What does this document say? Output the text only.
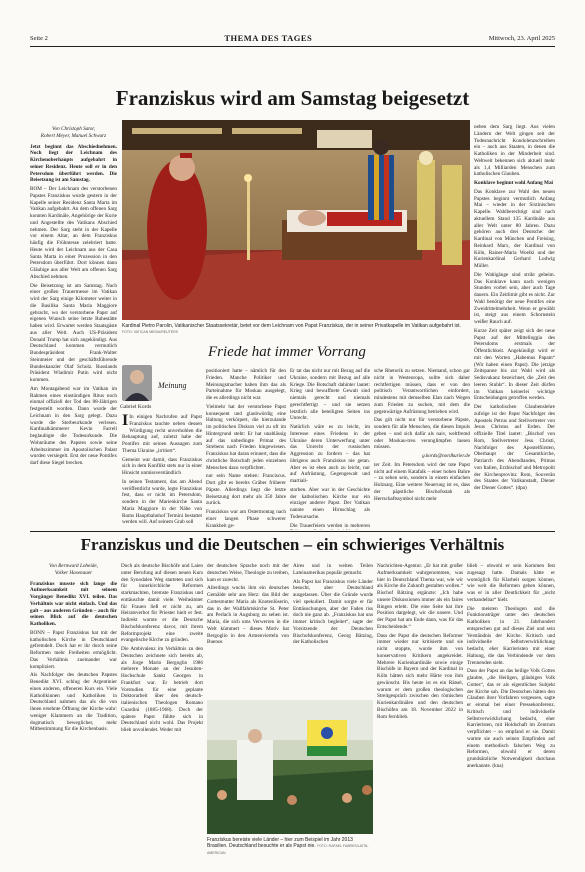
Seite 2	THEMA DES TAGES	Mittwoch, 23. April 2025
Franziskus wird am Samstag beigesetzt
Von Christoph Sator,
Robert Meyer, Manuel Schwarz

Jetzt beginnt das Abschiednehmen. Noch liegt der Leichnam des Kirchenoberhaupts aufgebahrt in seiner Residenz. Heute soll er in den Petersdom überführt werden. Die Beisetzung ist am Samstag.

ROM – Der Leichnam des verstorbenen Papstes Franziskus wurde gestern in der Kapelle seiner Residenz Santa Marta im Vatikan aufgebahrt. An dem offenen Sarg konnten Kardinäle, Angehörige der Kurie und Angestellte des Vatikans Abschied nehmen. Der Sarg steht in der Kapelle vor einem Altar, an dem Franziskus häufig die Frühmesse zelebriert hatte. Heute wird der Leichnam aus der Casa Santa Marta in einer Prozession in den Petersdom überführt. Dort können dann Gläubige aus aller Welt am offenen Sarg Abschied nehmen.

Die Beisetzung ist am Samstag. Nach einer großen Trauermesse im Vatikan wird der Sarg einige Kilometer weiter in die Basilika Santa Maria Maggiore gebracht, wo der verstorbene Papst auf eigenen Wunsch seine letzte Ruhestätte haben wird. Erwartet werden Staatsgäste aus aller Welt. Auch US-Präsident Donald Trump hat sich angekündigt. Aus Deutschland kommen vermutlich Bundespräsident Frank-Walter Steinmeier und der geschäftsführende Bundeskanzler Olaf Scholz. Russlands Präsident Wladimir Putin wird nicht kommen.

Am Montagabend war im Vatikan im Rahmen eines einstündigen Ritus noch einmal offiziell der Tod des 88-Jährigen festgestellt worden. Dann wurde der Leichnam in den Sarg gelegt. Dazu wurde die Sterbeurkunde verlesen. Kardinalkämmerer Kevin Farrell beglaubigte die Todesurkunde. Die Wohnräume des Papstes sowie seine Arbeitszimmer im Apostolischen Palast wurden versiegelt. Erst der neue Pontifex darf diese Siegel brechen.

Kardinal Pietro Parolin, Vatikanischer Staatssekretär, betet vor dem Leichnam von Papst Franziskus, der in seiner Privatkapelle im Vatikan aufgebahrt ist. FOTO: VATICAN MEDIA/REUTERS

neben dem Sarg liegt. Aus vielen Ländern der Welt gingen seit der Todesnachricht Kondolenzschreiben ein – auch aus Staaten, in denen die Katholiken in der Minderheit sind. Weltweit bekennen sich aktuell mehr als 1,4 Milliarden Menschen zum katholischen Glauben.

Konklave beginnt wohl Anfang Mai

Das Konklave zur Wahl des neuen Papstes beginnt vermutlich Anfang Mai – wieder in der Sixtinischen Kapelle. Wahlberechtigt sind nach aktuellem Stand 135 Kardinäle aus aller Welt unter 80 Jahren. Dazu gehören auch drei Deutsche: der Kardinal von München und Freising, Reinhard Marx, der Kardinal von Köln, Rainer-Maria Woelki und der Kurienkardinal Gerhard Ludwig Müller.

Die Wahlgänge sind strikt geheim. Das Konklave kann nach wenigen Stunden vorbei sein, aber auch Tage dauern. Ein Zeitlimit gibt es nicht. Zur Wahl benötigt der neue Pontifex eine Zweidrittelmehrheit. Wenn er gewählt ist, steigt aus einem Schornstein weißer Rauch auf.

Kurze Zeit später zeigt sich der neue Papst auf der Mittelloggia des Petersdoms erstmals der Öffentlichkeit. Angekündigt wird er mit den Worten „Habemus Papam“ (Wir haben einen Papst). Die jetzige Zeitspanne bis zur Wahl wird als Sedisvakanz bezeichnet, die „Zeit des leeren Stuhls“. In dieser Zeit dürfen im Vatikan keinerlei wichtige Entscheidungen getroffen werden.

Der katholischen Glaubenslehre zufolge ist der Papst Nachfolger des Apostels Petrus und Stellvertreter von Jesus Christus auf Erden. Der offizielle Titel lautet: „Bischof von Rom, Stellvertreter Jesu Christi, Nachfolger des Apostelfürsten, Oberhaupt der Gesamtkirche, Patriarch des Abendlandes, Primas von Italien, Erzbischof und Metropolit der Kirchenprovinz Rom, Souverän des Staates der Vatikanstadt, Diener der Diener Gottes“. (dpa)

Friede hat immer Vorrang
Meinung
Gabriel Kords

I In einigen Nachrufen auf Papst Franziskus tauchte neben dessen Würdigung recht unverhohlen die Behauptung auf, zuletzt habe der Pontifex mit seinen Aussagen zum Thema Ukraine „irritiert“.

Gemeint war damit, dass Franziskus sich in dem Konflikt stets nur in einer Hinsicht unmissverständlich

In seinen Testament, das am Abend veröffentlicht wurde, legte Franziskus fest, dass er nicht im Petersdom, sondern in der Marienkirche Santa Maria Maggiore in der Nähe von Roms Hauptbahnhof Termini bestattet werden will. Auf seinem Grab soll

positioniert hatte – nämlich für den Frieden. Manche Politiker und Meinungsmacher haben ihm das als Parteinahme für Moskau ausgelegt, die es allerdings nicht war.

Vielmehr hat der verstorbene Papst konsequent und glaubwürdig eine Haltung verkörpert, die hierzulande im politischen Diskurs viel zu oft im Hintergrund steht: Er hat unablässig auf das unbedingte Primat des Strebens nach Frieden hingewiesen. Franziskus hat daran erinnert, dass die christliche Botschaft jeden einzelnen Menschen dazu verpflichtet.

nur sein Name stehen: Franciscus. Dort gibt es bereits Gräber früherer Päpste. Allerdings liegt die letzte Beisetzung dort mehr als 350 Jahre zurück.

Franziskus war am Ostermontag nach einer langen Phase schwerer Krankheit ge-

Er tat das nicht nur mit Bezug auf die Ukraine, sondern mit Bezug auf alle Kriege. Die Botschaft dahinter lautet: Krieg und bewaffnete Gewalt sind niemals gerecht und niemals gerechtfertigt – und sie setzen letztlich alle beteiligten Seiten ins Unrecht.

Natürlich wäre es zu leicht, im Interesse eines Friedens in der Ukraine deren Unterwerfung unter das Unrecht der russischen Aggression zu fordern – das hat übrigens auch Franziskus nie getan. Aber es ist eben auch zu leicht, nur auf Aufrüstung, Gegengewalt und martiali-

storben. Aber war in der Geschichte der katholischen Kirche nur ein einziger anderer Papst. Der Vatikan nannte einen Hirnschlag als Todesursache.

Die Trauerfeiern werden in mehreren

sche Rhetorik zu setzen. Niemand, schon gar nicht in Westeuropa, sollte sich daher rechtfertigen müssen, dass er von den politisch Verantwortlichen einfordert, mindestens mit demselben Elan nach Wegen zum Frieden zu suchen, mit dem die gegenwärtige Aufrüstung betrieben wird.

Das gilt nicht nur für verstorbene Päpste, sondern für alle Menschen, die diesen Impuls geben – und sich dafür als naiv, weltfremd oder Moskau-treu verunglimpfen lassen müssen.

g.kords@nordkurier.de

ter Zeit. Im Petersdom wird der tote Papst nicht auf einem Katafalk – einer hohen Bahre – zu sehen sein, sondern in einem einfachen Holzsarg. Eine weitere Neuerung ist es, dass der päpstliche Bischofsstab als Herrschaftssymbol nicht mehr

Franziskus und die Deutschen – ein schwieriges Verhältnis
Von Bernward Loheide,
Volker Hasenauer

Franziskus musste sich lange die Aufmerksamkeit mit seinem Vorgänger Benedikt XVI. teilen. Das Verhältnis war nicht einfach. Und das galt – aus anderen Gründen – auch für seinen Blick auf die deutschen Katholiken.

BONN – Papst Franziskus hat mit der katholischen Kirche in Deutschland gefremdelt. Doch hat er ihr durch seine Reformen mehr Freiheiten ermöglicht. Das Verhältnis zueinander war kompliziert.

Als Nachfolger des deutschen Papstes Benedikt XVI. schlug der Argentinier einen anderen, offeneren Kurs ein. Viele Katholikinnen und Katholiken in Deutschland nahmen das als die von ihnen ersehnte Öffnung der Kirche wahr: weniger Klammern an die Tradition, dogmatisch beweglicher, mehr Mitbestimmung für die Kirchenbasis.

Doch als deutsche Bischöfe und Laien unter Berufung auf diesen neuen Kurs den Synodalen Weg starteten und sich für innerkirchliche Reformen starkmachten, bremste Franziskus und enttäuschte damit viele. Weiheämter für Frauen ließ er nicht zu, am Heiratsverbot für Priester hielt er fest. Indirekt warnte er die Deutsche Bischofskonferenz davor, mit ihrem Reformprojekt eine zweite evangelische Kirche zu gründen.

Die Ambivalenz im Verhältnis zu den Deutschen zeichnete sich bereits ab, als Jorge Mario Bergoglio 1986 mehrere Monate an der Jesuiten-Hochschule Sankt Georgen in Frankfurt war. Er betrieb dort Vorstudien für eine geplante Doktorarbeit über den deutsch-italienischen Theologen Romano Guardini (1885-1968). Doch der spätere Papst fühlte sich in Deutschland nicht wohl. Das Projekt blieb unvollendet. Weder mit

der deutschen Sprache noch mit der deutschen Weise, Theologie zu treiben, kam er zurecht.

Allerdings wuchs ihm ein deutsches Gemälde sehr ans Herz: das Bild der Gottesmutter Maria als Knotenlöserin, das in der Wallfahrtskirche St. Peter am Perlach in Augsburg zu sehen ist. Maria, die sich ums Verwerren in die Welt kümmert – dieses Motiv hat Bergoglio in den Armenvierteln von Buenos

Franziskus bereiste viele Länder – hier zum Beispiel im Jahr 2013 Brasilien. Deutschland besuchte er als Papst nie. FOTO: RAFAEL FABRES/LATIN-AMERICAN

Aires und in weiten Teilen Lateinamerikas populär gemacht.

Als Papst hat Franziskus viele Länder besucht, aber Deutschland ausgelassen. Über die Gründe wurde viel spekuliert. Damit sorgte er für Enttäuschungen, aber der Faden riss doch nie ganz ab. „Franziskus hat uns immer kritisch begleitet“, sagte der Vorsitzende der Deutschen Bischofskonferenz, Georg Bätzing, der Katholischen

Nachrichten-Agentur. „Er hat mit großer Aufmerksamkeit wahrgenommen, was hier in Deutschland Thema war, wie wir als Kirche die Zukunft gestalten wollen.“ Bischof Bätzing ergänzte: „Ich habe unsere Diskussionen immer als ein faires Ringen erlebt. Die eine Seite hat ihre Position dargelegt, wir die unsere. Und der Papst hat am Ende dann, was für das Entscheidende.“

Dass der Papst die deutschen Reformer immer wieder nur kritisierte und sie nicht stoppte, wurde ihm von konservativen Kritikern angekreidet. Mehrere Kurienkardinäle sowie einige Bischöfe in Bayern und der Kardinal in Köln hätten sich mehr Härte von ihm gewünscht. Bis heute ist es ein Rätsel, warum er dem großen theologischen Streitgespräch zwischen den römischen Kurienkardinälen und den deutschen Bischöfen am 18. November 2022 in Rom fernblieb.

blieb – obwohl er sein Kommen fest zugesagt hatte. Damals hätte er womöglich für Klarheit sorgen können, wie weit die Reformen gehen können, was er in aller Deutlichkeit für „nicht verhandelbar“ hielt.

Die meisten Theologen und die Funktionsträger unter den deutschen Katholiken in 21. Jahrhundert entsprechen gut auf dieses Ziel und sein Verständnis der Kirche. Kritisch und individuelle Selbstverwirklichung bedacht, eher Karrieristen mit einer Haltung, die das Verbindende vor dem Trennenden sieht.

Dass der Papst an das heilige Volk Gottes glaubte, „die Heiligen, gläubigen Volk Gottes“, das er als eigentliches Subjekt der Kirche sah. Die Deutschen hätten den Glauben ihrer Vorfahren vergessen, sagte er einmal bei einer Pressekonferenz. Kritisch und individuelle Selbstverwirklichung bedacht, eher Karrieristen, mit Holdschaft im Zentrum verpflichtet – so empfand er sie. Damit warnte sie auch seinen Empfinden auf einem methodisch falschen Weg zu Reformen, obwohl er deren grundsätzliche Notwendigkeit durchaus anerkannte. (kna)
